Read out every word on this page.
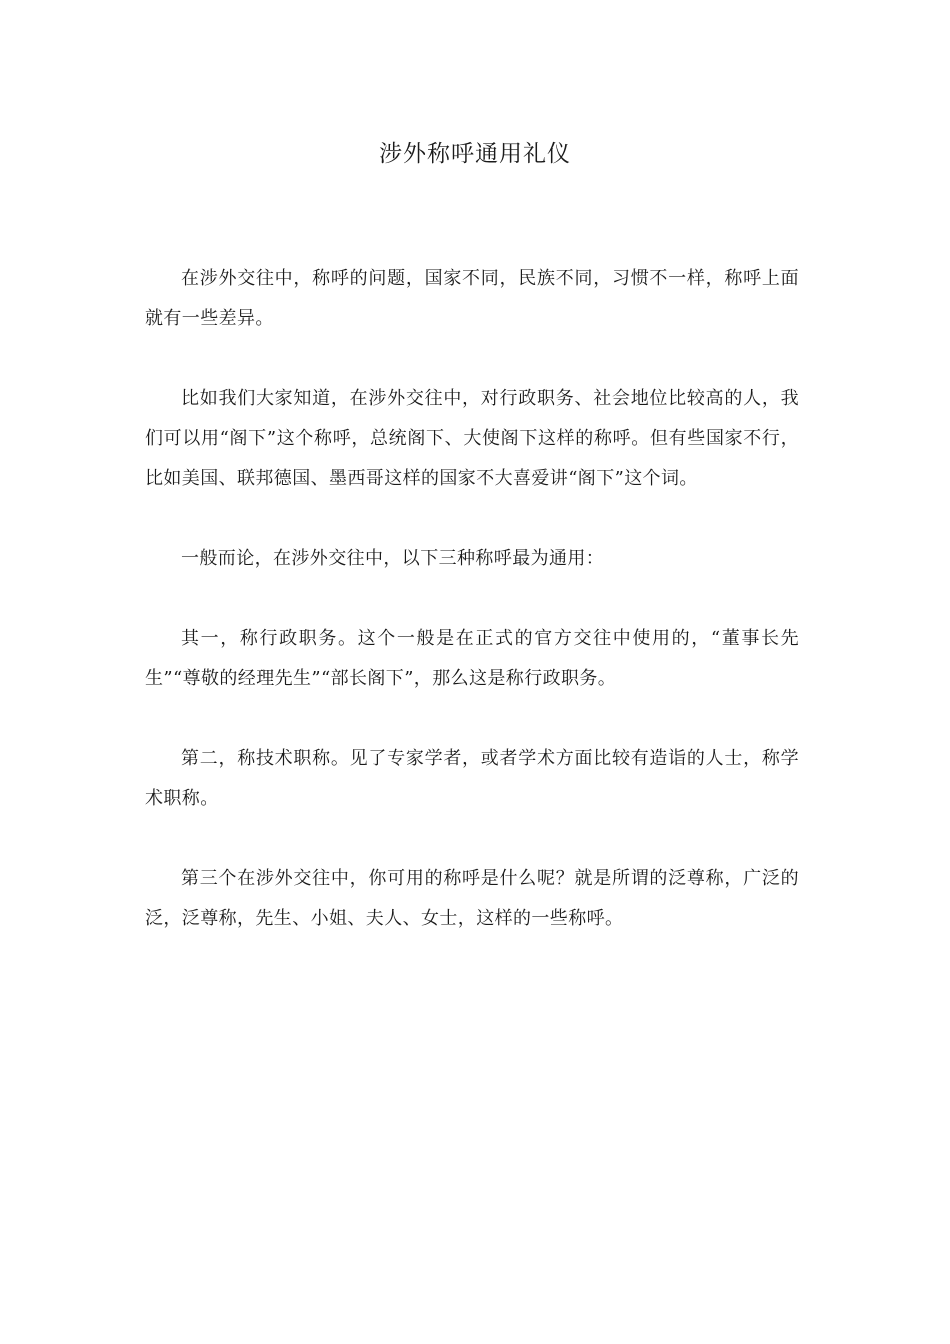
涉外称呼通用礼仪

在涉外交往中，称呼的问题，国家不同，民族不同，习惯不一样，称呼上面就有一些差异。

比如我们大家知道，在涉外交往中，对行政职务、社会地位比较高的人，我们可以用“阁下”这个称呼，总统阁下、大使阁下这样的称呼。但有些国家不行，比如美国、联邦德国、墨西哥这样的国家不大喜爱讲“阁下”这个词。

一般而论，在涉外交往中，以下三种称呼最为通用：

其一，称行政职务。这个一般是在正式的官方交往中使用的，“董事长先生”“尊敬的经理先生”“部长阁下”，那么这是称行政职务。

第二，称技术职称。见了专家学者，或者学术方面比较有造诣的人士，称学术职称。

第三个在涉外交往中，你可用的称呼是什么呢？就是所谓的泛尊称，广泛的泛，泛尊称，先生、小姐、夫人、女士，这样的一些称呼。
